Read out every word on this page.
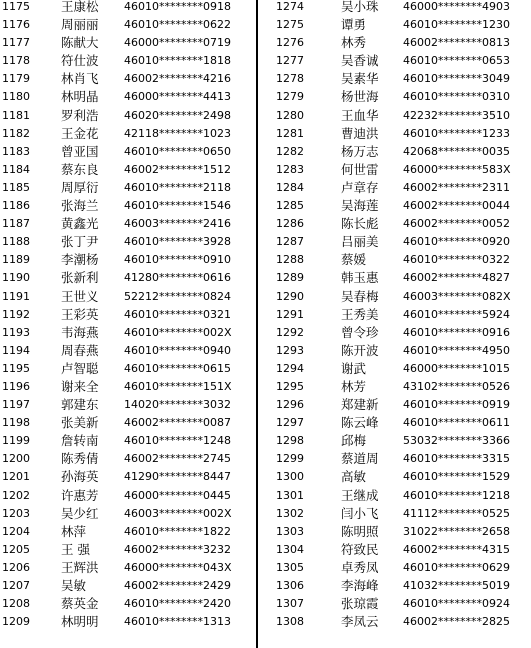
1175 王康松 46010********0918
1176 周丽丽 46010********0622
1177 陈献大 46000********0719
1178 符仕波 46010********1818
1179 林肖飞 46002********4216
1180 林明晶 46000********4413
1181 罗利浩 46020********2498
1182 王金花 42118********1023
1183 曾亚国 46010********0650
1184 蔡东良 46002********1512
1185 周厚衍 46010********2118
1186 张海兰 46010********1546
1187 黄鑫光 46003********2416
1188 张丁尹 46010********3928
1189 李潮杨 46010********0910
1190 张新利 41280********0616
1191 王世义 52212********0824
1192 王彩英 46010********0321
1193 韦海燕 46010********002X
1194 周春燕 46010********0940
1195 卢智聪 46010********0615
1196 谢来全 46010********151X
1197 郭建东 14020********3032
1198 张美新 46002********0087
1199 詹转南 46010********1248
1200 陈秀倩 46002********2745
1201 孙海英 41290********8447
1202 许惠芳 46000********0445
1203 吴少红 46003********002X
1204 林萍	46010********1822
1205 王 强	46002********3232
1206 王辉洪 46000********043X
1207 吴敏	46002********2429
1208 蔡英金 46010********2420
1209 林明明 46010********1313
1274	吴小珠 46000********4903
1275	谭勇	46010********1230
1276	林秀	46002********0813
1277	吴香诚 46010********0653
1278	吴素华 46010********3049
1279	杨世海 46010********0310
1280	王血华 42232********3510
1281	曹迪洪 46010********1233
1282	杨万志 42068********0035
1283	何世雷 46000********583X
1284	卢章存 46002********2311
1285	吴海莲 46002********0044
1286	陈长彪 46002********0052
1287	吕丽美 46010********0920
1288	蔡媛	46010********0322
1289	韩玉惠 46002********4827
1290	吴春梅 46003********082X
1291	王秀美 46010********5924
1292	曾令珍 46010********0916
1293	陈开波 46010********4950
1294	谢武	46000********1015
1295	林芳	43102********0526
1296	郑建新 46010********0919
1297	陈云峰 46010********0611
1298	邱梅	53032********3366
1299	蔡道周 46010********3315
1300	高敏	46010********1529
1301	王继成 46010********1218
1302	闫小飞 41112********0525
1303	陈明照 31022********2658
1304	符致民 46002********4315
1305	卓秀凤 46010********0629
1306	李海峰 41032********5019
1307	张琼霞 46010********0924
1308	李凤云 46002********2825
